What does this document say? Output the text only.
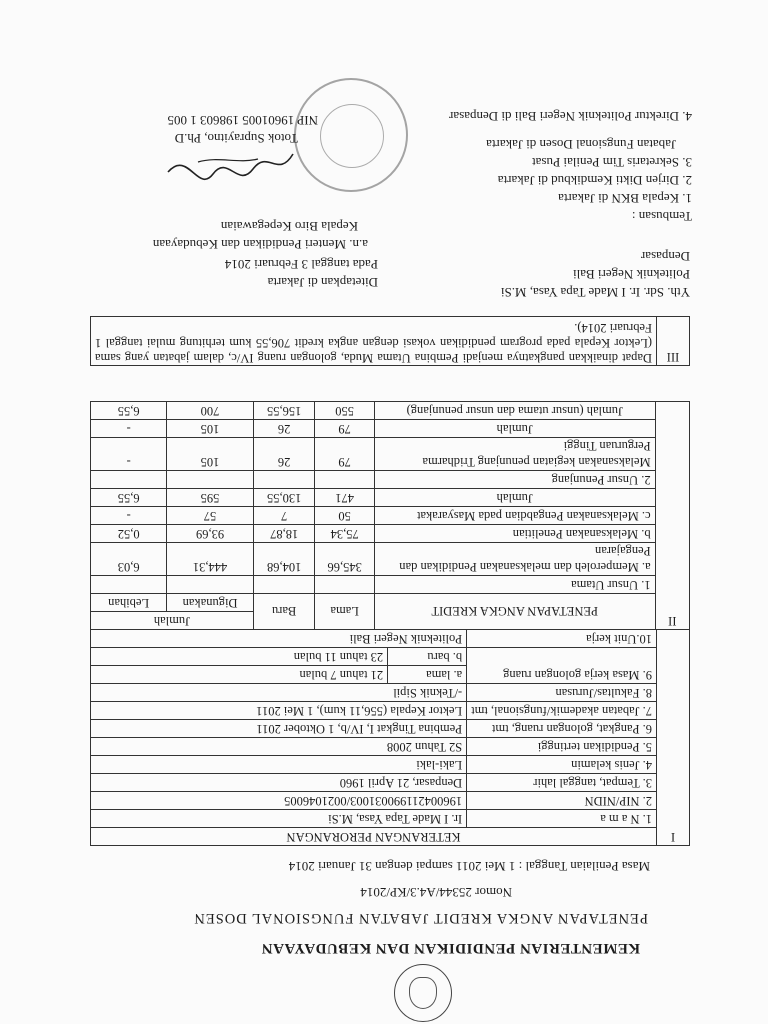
KEMENTERIAN PENDIDIKAN DAN KEBUDAYAAN
PENETAPAN ANGKA KREDIT JABATAN FUNGSIONAL DOSEN
Nomor 25344/A4.3/KP/2014
Masa Penilaian Tanggal : 1 Mei 2011 sampai dengan 31 Januari 2014
I	KETERANGAN PERORANGAN		
	1. N a m a	Ir. I Made Tapa Yasa, M.Si	
	2. NIP/NIDN	196004211990031003/0021046005	
	3. Tempat, tanggal lahir	Denpasar, 21 April 1960	
	4. Jenis kelamin	Laki-laki	
	5. Pendidikan tertinggi	S2 Tahun 2008	
	6. Pangkat, golongan ruang, tmt	Pembina Tingkat I, IV/b, 1 Oktober 2011	
	7. Jabatan akademik/fungsional, tmt	Lektor Kepala (556,11 kum), 1 Mei 2011	
	8. Fakultas/Jurusan	-/Teknik Sipil	
	9. Masa kerja golongan ruang	a. lama	21 tahun 7 bulan
		b. baru	23 tahun 11 bulan
	10.Unit kerja	Politeknik Negeri Bali	
II	PENETAPAN ANGKA KREDIT	Lama	Baru	Jumlah	
				Digunakan	Lebihan
	1. Unsur Utama				
	a. Memperoleh dan melaksanakan Pendidikan dan Pengajaran	345,66	104,68	444,31	6,03
	b. Melaksanakan Penelitian	75,34	18,87	93,69	0,52
	c. Melaksanakan Pengabdian pada Masyarakat	50	7	57	-
	Jumlah	471	130,55	595	6,55
	2. Unsur Penunjang				
	Melaksanakan kegiatan penunjang Tridharma Perguruan Tinggi	79	26	105	-
	Jumlah	79	26	105	-
	Jumlah (unsur utama dan unsur penunjang)	550	156,55	700	6,55
III	Dapat dinaikkan pangkatnya menjadi Pembina Utama Muda, golongan ruang IV/c, dalam jabatan yang sama (Lektor Kepala pada program pendidikan vokasi dengan angka kredit 706,55 kum terhitung mulai tanggal 1 Februari 2014).
Yth. Sdr. Ir. I Made Tapa Yasa, M.Si
Politeknik Negeri Bali
Denpasar
Ditetapkan di Jakarta
Pada tanggal 3 Februari 2014
a.n. Menteri Pendidikan dan Kebudayaan
Kepala Biro Kepegawaian
Totok Suprayitno, Ph.D
NIP 19601005 198603 1 005
Tembusan :
1. Kepala BKN di Jakarta
2. Dirjen Dikti Kemdikbud di Jakarta
3. Sekretaris Tim Penilai Pusat
Jabatan Fungsional Dosen di Jakarta
4. Direktur Politeknik Negeri Bali di Denpasar
